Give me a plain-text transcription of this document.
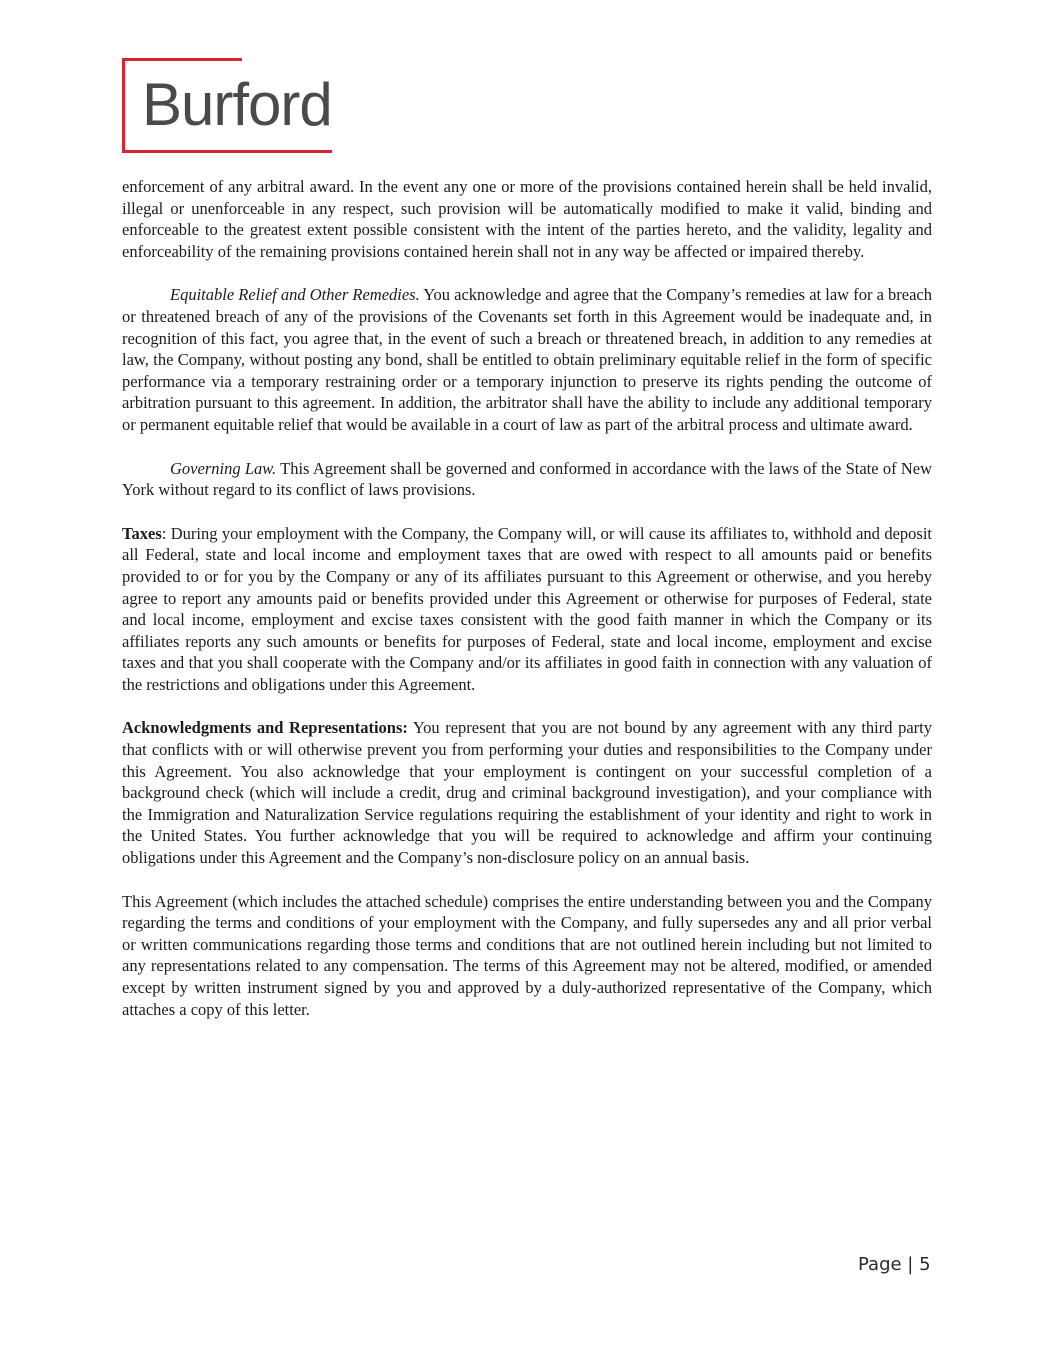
Burford

enforcement of any arbitral award. In the event any one or more of the provisions contained herein shall be held invalid, illegal or unenforceable in any respect, such provision will be automatically modified to make it valid, binding and enforceable to the greatest extent possible consistent with the intent of the parties hereto, and the validity, legality and enforceability of the remaining provisions contained herein shall not in any way be affected or impaired thereby.

Equitable Relief and Other Remedies. You acknowledge and agree that the Company’s remedies at law for a breach or threatened breach of any of the provisions of the Covenants set forth in this Agreement would be inadequate and, in recognition of this fact, you agree that, in the event of such a breach or threatened breach, in addition to any remedies at law, the Company, without posting any bond, shall be entitled to obtain preliminary equitable relief in the form of specific performance via a temporary restraining order or a temporary injunction to preserve its rights pending the outcome of arbitration pursuant to this agreement. In addition, the arbitrator shall have the ability to include any additional temporary or permanent equitable relief that would be available in a court of law as part of the arbitral process and ultimate award.

Governing Law. This Agreement shall be governed and conformed in accordance with the laws of the State of New York without regard to its conflict of laws provisions.

Taxes: During your employment with the Company, the Company will, or will cause its affiliates to, withhold and deposit all Federal, state and local income and employment taxes that are owed with respect to all amounts paid or benefits provided to or for you by the Company or any of its affiliates pursuant to this Agreement or otherwise, and you hereby agree to report any amounts paid or benefits provided under this Agreement or otherwise for purposes of Federal, state and local income, employment and excise taxes consistent with the good faith manner in which the Company or its affiliates reports any such amounts or benefits for purposes of Federal, state and local income, employment and excise taxes and that you shall cooperate with the Company and/or its affiliates in good faith in connection with any valuation of the restrictions and obligations under this Agreement.

Acknowledgments and Representations: You represent that you are not bound by any agreement with any third party that conflicts with or will otherwise prevent you from performing your duties and responsibilities to the Company under this Agreement. You also acknowledge that your employment is contingent on your successful completion of a background check (which will include a credit, drug and criminal background investigation), and your compliance with the Immigration and Naturalization Service regulations requiring the establishment of your identity and right to work in the United States. You further acknowledge that you will be required to acknowledge and affirm your continuing obligations under this Agreement and the Company’s non-disclosure policy on an annual basis.

This Agreement (which includes the attached schedule) comprises the entire understanding between you and the Company regarding the terms and conditions of your employment with the Company, and fully supersedes any and all prior verbal or written communications regarding those terms and conditions that are not outlined herein including but not limited to any representations related to any compensation. The terms of this Agreement may not be altered, modified, or amended except by written instrument signed by you and approved by a duly-authorized representative of the Company, which attaches a copy of this letter.

Page | 5
